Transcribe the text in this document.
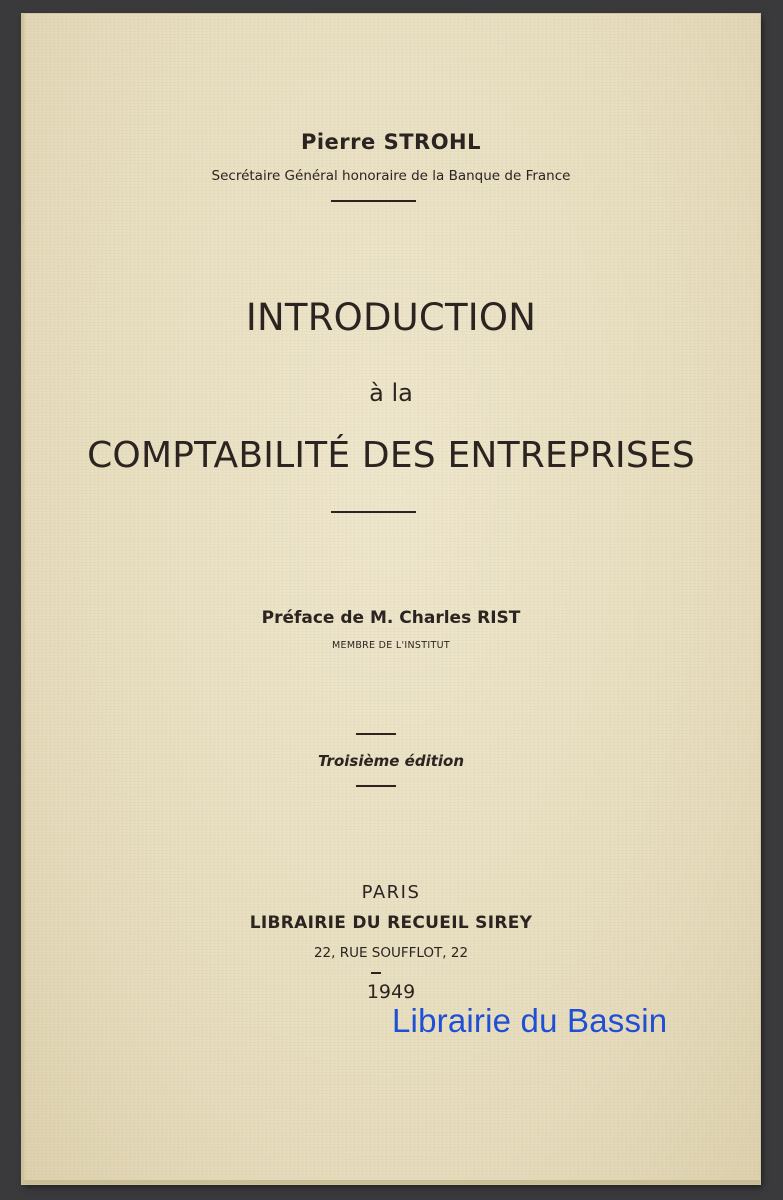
Pierre STROHL
Secrétaire Général honoraire de la Banque de France
INTRODUCTION
à la
COMPTABILITÉ DES ENTREPRISES
Préface de M. Charles RIST
MEMBRE DE L'INSTITUT
Troisième édition
PARIS
LIBRAIRIE DU RECUEIL SIREY
22, RUE SOUFFLOT, 22
1949
Librairie du Bassin
